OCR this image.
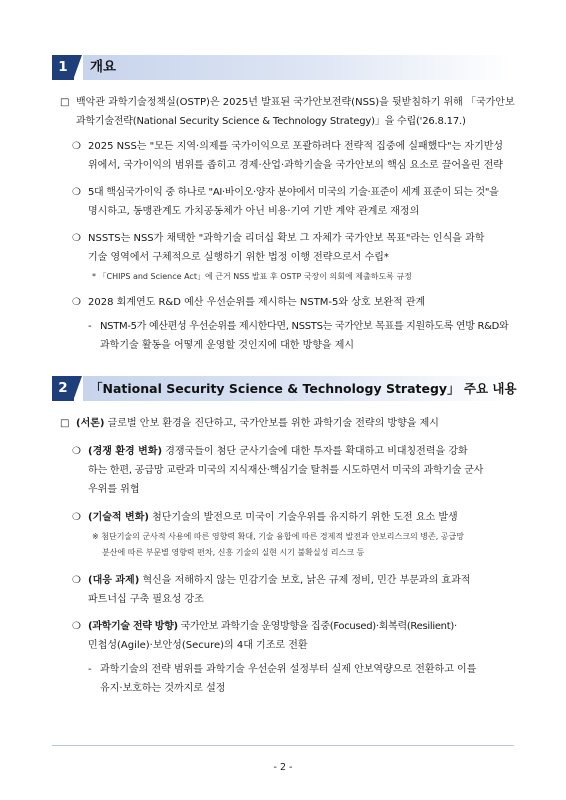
1	개요
□ 백악관 과학기술정책실(OSTP)은 2025년 발표된 국가안보전략(NSS)을 뒷받침하기 위해 「국가안보
과학기술전략(National Security Science & Technology Strategy)」을 수립('26.8.17.)
❍ 2025 NSS는 "모든 지역·의제를 국가이익으로 포괄하려다 전략적 집중에 실패했다"는 자기반성
위에서, 국가이익의 범위를 좁히고 경제·산업·과학기술을 국가안보의 핵심 요소로 끌어올린 전략
❍ 5대 핵심국가이익 중 하나로 "AI·바이오·양자 분야에서 미국의 기술·표준이 세계 표준이 되는 것"을
명시하고, 동맹관계도 가치공동체가 아닌 비용·기여 기반 계약 관계로 재정의
❍ NSSTS는 NSS가 채택한 "과학기술 리더십 확보 그 자체가 국가안보 목표"라는 인식을 과학
기술 영역에서 구체적으로 실행하기 위한 법정 이행 전략으로서 수립*
* 「CHIPS and Science Act」에 근거 NSS 발표 후 OSTP 국장이 의회에 제출하도록 규정
❍ 2028 회계연도 R&D 예산 우선순위를 제시하는 NSTM-5와 상호 보완적 관계
- NSTM-5가 예산편성 우선순위를 제시한다면, NSSTS는 국가안보 목표를 지원하도록 연방 R&D와
과학기술 활동을 어떻게 운영할 것인지에 대한 방향을 제시
2	「National Security Science & Technology Strategy」 주요 내용
□ (서론) 글로벌 안보 환경을 진단하고, 국가안보를 위한 과학기술 전략의 방향을 제시
❍ (경쟁 환경 변화) 경쟁국들이 첨단 군사기술에 대한 투자를 확대하고 비대칭전력을 강화
하는 한편, 공급망 교란과 미국의 지식재산·핵심기술 탈취를 시도하면서 미국의 과학기술 군사
우위를 위협
❍ (기술적 변화) 첨단기술의 발전으로 미국이 기술우위를 유지하기 위한 도전 요소 발생
※ 첨단기술의 군사적 사용에 따른 영향력 확대, 기술 융합에 따른 경제적 발전과 안보리스크의 병존, 공급망
분산에 따른 부문별 영향력 편차, 신흥 기술의 실현 시기 불확실성 리스크 등
❍ (대응 과제) 혁신을 저해하지 않는 민감기술 보호, 낡은 규제 정비, 민간 부문과의 효과적
파트너십 구축 필요성 강조
❍ (과학기술 전략 방향) 국가안보 과학기술 운영방향을 집중(Focused)·회복력(Resilient)·
민첩성(Agile)·보안성(Secure)의 4대 기조로 전환
- 과학기술의 전략 범위를 과학기술 우선순위 설정부터 실제 안보역량으로 전환하고 이를
유지·보호하는 것까지로 설정
- 2 -
